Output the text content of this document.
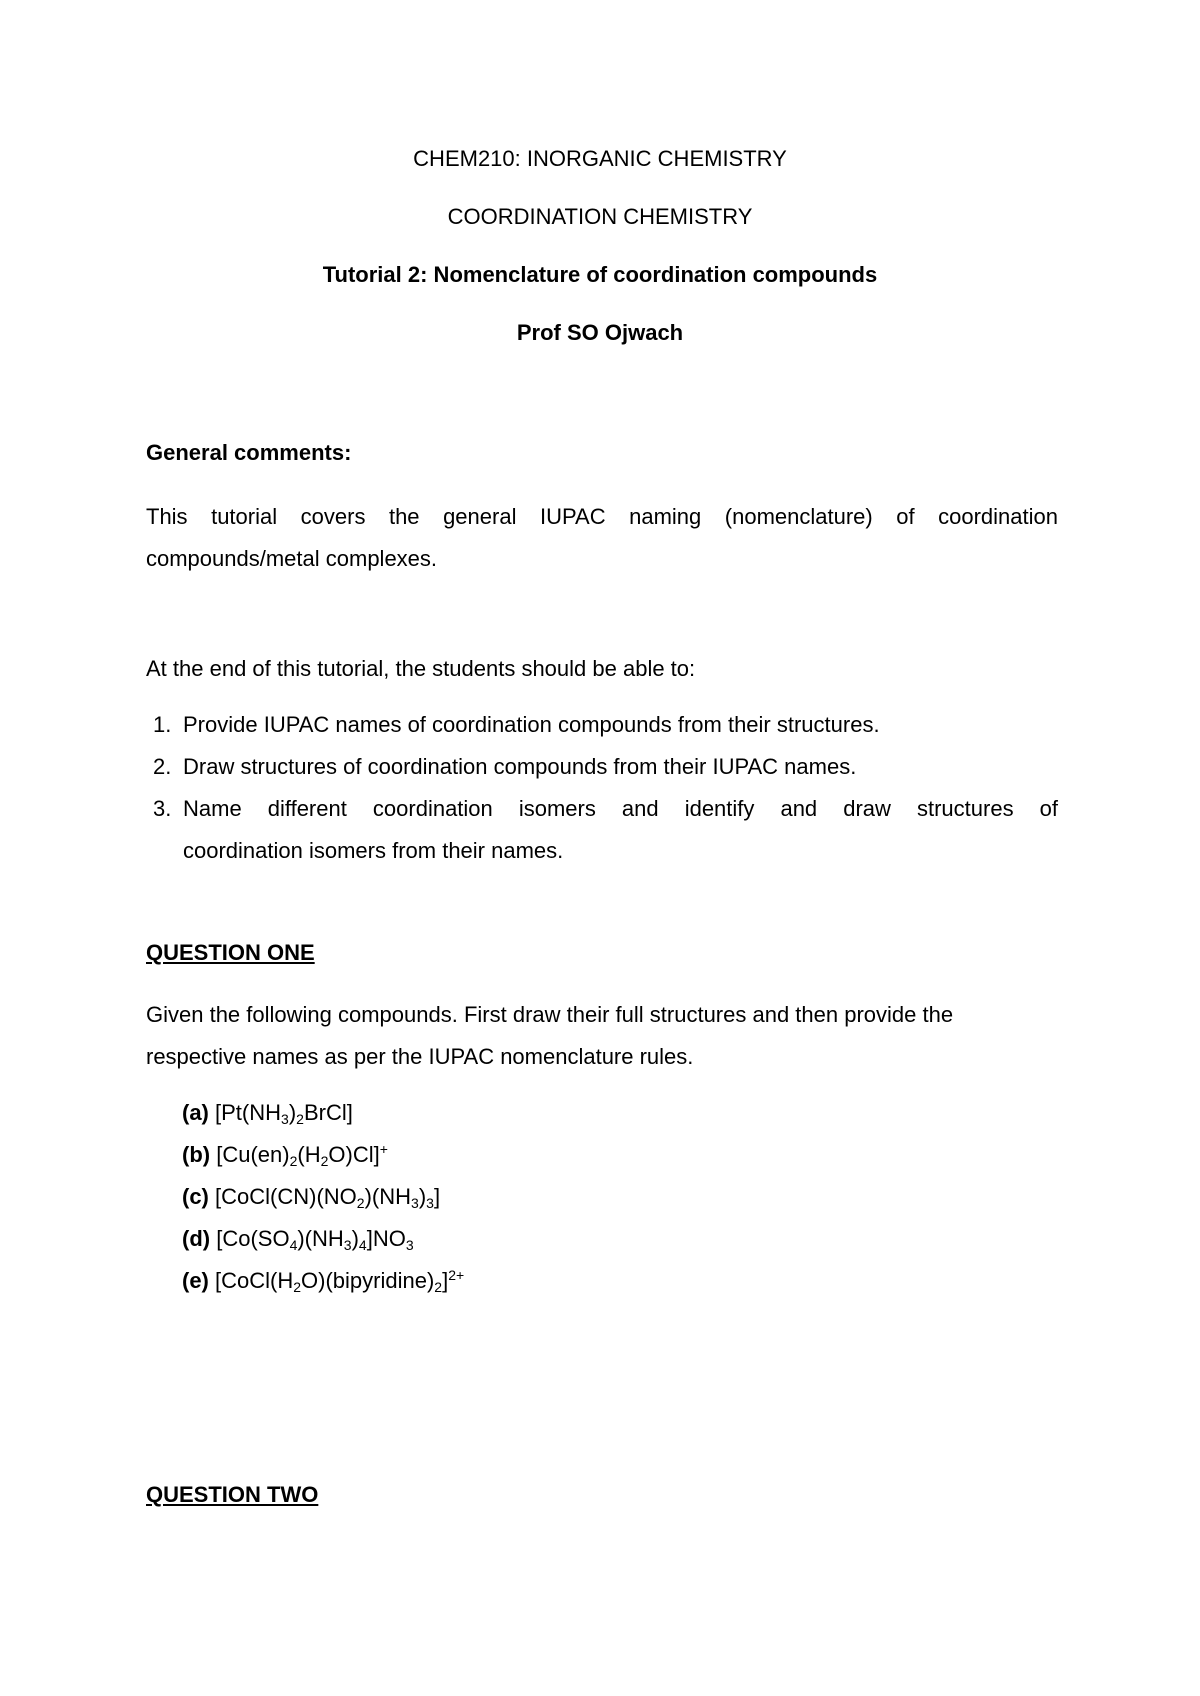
CHEM210: INORGANIC CHEMISTRY
COORDINATION CHEMISTRY
Tutorial 2: Nomenclature of coordination compounds
Prof SO Ojwach
General comments:
This tutorial covers the general IUPAC naming (nomenclature) of coordination
compounds/metal complexes.
At the end of this tutorial, the students should be able to:
1. Provide IUPAC names of coordination compounds from their structures.
2. Draw structures of coordination compounds from their IUPAC names.
3. Name different coordination isomers and identify and draw structures of
coordination isomers from their names.
QUESTION ONE
Given the following compounds. First draw their full structures and then provide the
respective names as per the IUPAC nomenclature rules.
(a) $[Pt(NH_3)_2BrCl]$
(b) $[Cu(en)_2(H_2O)Cl]^+$
(c) $[CoCl(CN)(NO_2)(NH_3)_3]$
(d) $[Co(SO_4)(NH_3)_4]NO_3$
(e) $[CoCl(H_2O)(bipyridine)_2]^{2+}$
QUESTION TWO
